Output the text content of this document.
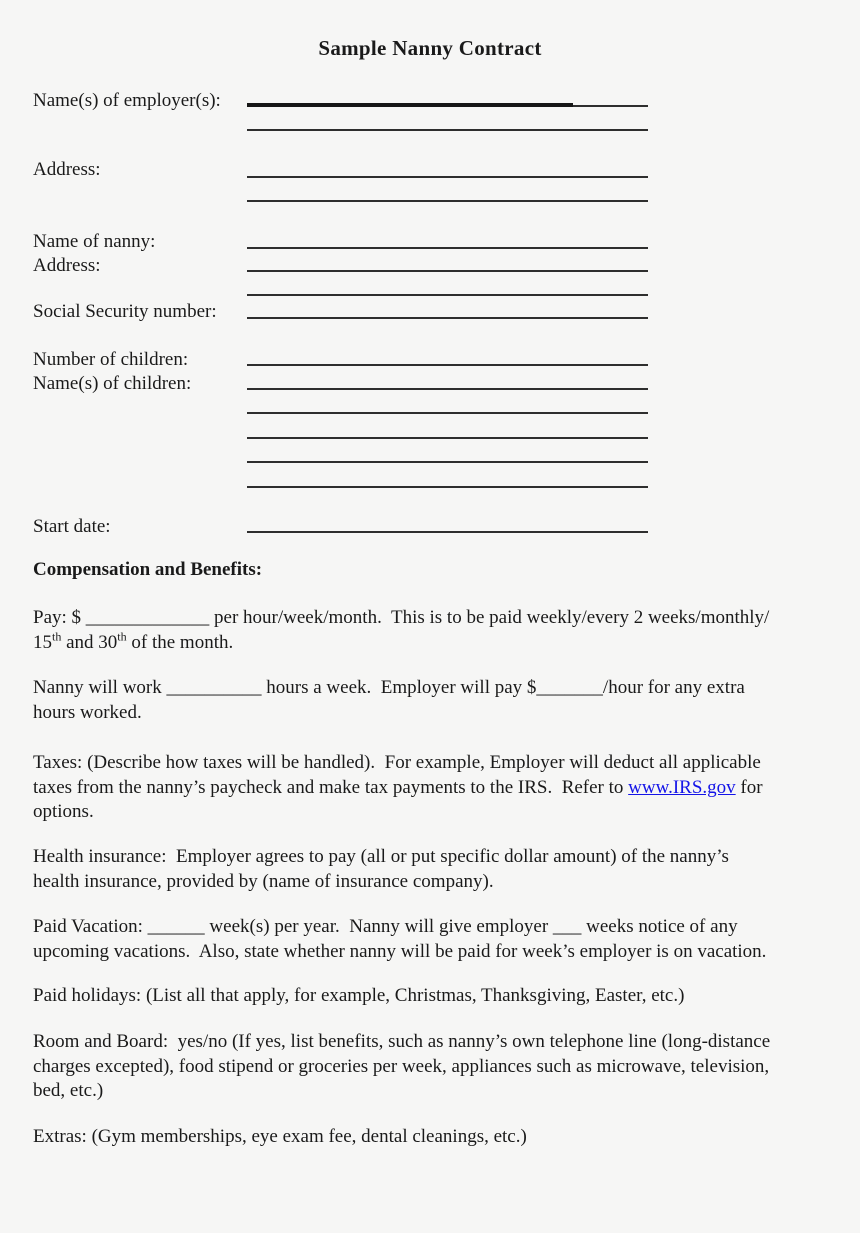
Sample Nanny Contract
Name(s) of employer(s):
Address:
Name of nanny:
Address:
Social Security number:
Number of children:
Name(s) of children:
Start date:
Compensation and Benefits:

Pay: $ _____________ per hour/week/month.  This is to be paid weekly/every 2 weeks/monthly/
15th and 30th of the month.

Nanny will work __________ hours a week.  Employer will pay $_______/hour for any extra
hours worked.

Taxes: (Describe how taxes will be handled).  For example, Employer will deduct all applicable
taxes from the nanny’s paycheck and make tax payments to the IRS.  Refer to www.IRS.gov for
options.

Health insurance:  Employer agrees to pay (all or put specific dollar amount) of the nanny’s
health insurance, provided by (name of insurance company).

Paid Vacation: ______ week(s) per year.  Nanny will give employer ___ weeks notice of any
upcoming vacations.  Also, state whether nanny will be paid for week’s employer is on vacation.

Paid holidays: (List all that apply, for example, Christmas, Thanksgiving, Easter, etc.)

Room and Board:  yes/no (If yes, list benefits, such as nanny’s own telephone line (long-distance
charges excepted), food stipend or groceries per week, appliances such as microwave, television,
bed, etc.)

Extras: (Gym memberships, eye exam fee, dental cleanings, etc.)
